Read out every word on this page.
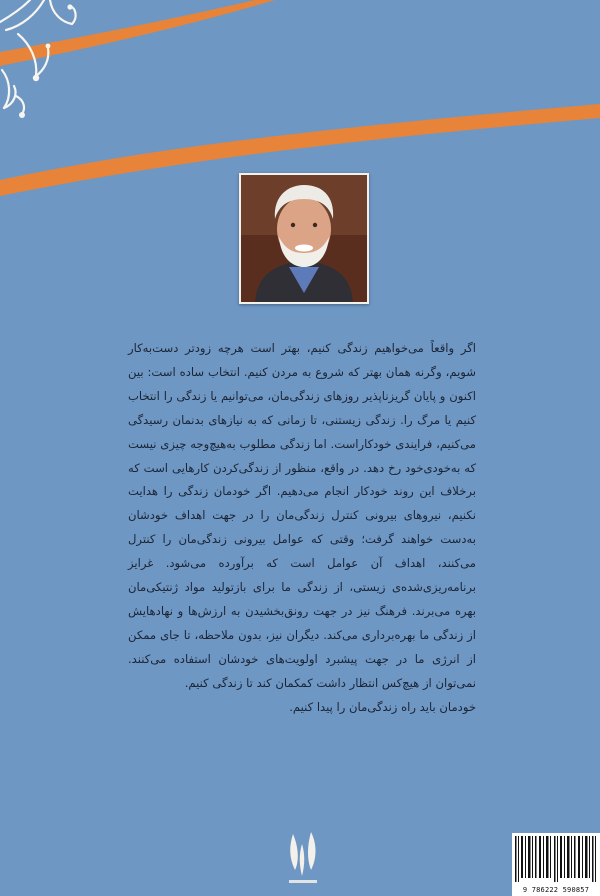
اگر واقعاً می‌خواهیم زندگی کنیم، بهتر است هرچه زودتر دست‌به‌کار شویم، وگرنه همان بهتر که شروع به مردن کنیم. انتخاب ساده است: بین اکنون و پایان گریزناپذیر روزهای زندگی‌مان، می‌توانیم یا زندگی را انتخاب کنیم یا مرگ را. زندگی زیستنی، تا زمانی که به نیازهای بدنمان رسیدگی می‌کنیم، فرایندی خودکاراست. اما زندگی مطلوب به‌هیچ‌وجه چیزی نیست که به‌خودی‌خود رخ دهد. در واقع، منظور از زندگی‌کردن کارهایی است که برخلاف این روند خودکار انجام می‌دهیم. اگر خودمان زندگی را هدایت نکنیم، نیروهای بیرونی کنترل زندگی‌مان را در جهت اهداف خودشان به‌دست خواهند گرفت؛ وقتی که عوامل بیرونی زندگی‌مان را کنترل می‌کنند، اهداف آن عوامل است که برآورده می‌شود. غرایز برنامه‌ریزی‌شده‌ی زیستی، از زندگی ما برای بازتولید مواد ژنتیکی‌مان بهره می‌برند. فرهنگ نیز در جهت رونق‌بخشیدن به ارزش‌ها و نهادهایش از زندگی ما بهره‌برداری می‌کند. دیگران نیز، بدون ملاحظه، تا جای ممکن از انرژی ما در جهت پیشبرد اولویت‌های خودشان استفاده می‌کنند. نمی‌توان از هیچ‌کس انتظار داشت کمکمان کند تا زندگی کنیم.

خودمان باید راه زندگی‌مان را پیدا کنیم.

9 786222 590857
